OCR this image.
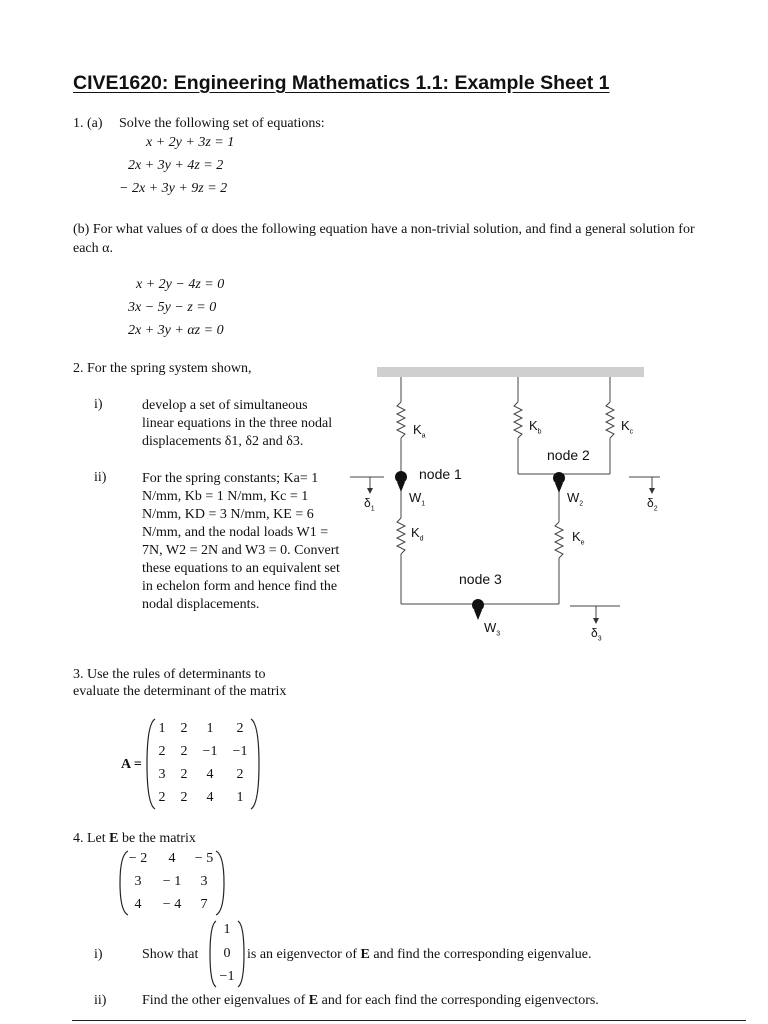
CIVE1620: Engineering Mathematics 1.1: Example Sheet 1
1. (a) Solve the following set of equations:
x + 2y + 3z = 1
2x + 3y + 4z = 2
− 2x + 3y + 9z = 2
(b) For what values of α does the following equation have a non-trivial solution, and find a general solution for each α.
x + 2y − 4z = 0
3x − 5y − z = 0
2x + 3y + αz = 0
2. For the spring system shown,
i)	develop a set of simultaneous linear equations in the three nodal displacements δ1, δ2 and δ3.
ii)	For the spring constants; Ka= 1 N/mm, Kb = 1 N/mm, Kc = 1 N/mm, KD = 3 N/mm, KE = 6 N/mm, and the nodal loads W1 = 7N, W2 = 2N and W3 = 0. Convert these equations to an equivalent set in echelon form and hence find the nodal displacements.
$K_a$
$K_b$	$K_c$
$K_d$	$K_e$
node 1
node 2
node 3
$W_1$	$W_2$
$W_3$
$\delta_1$	$\delta_2$
$\delta_3$
3. Use the rules of determinants to
evaluate the determinant of the matrix
A =
1	2	1	2
2	2	−1	−1
3	2	4	2
2	2	4	1
4. Let E be the matrix
− 2	4	− 5
3	− 1	3
4	− 4	7
i)	Show that
1
0
−1
is an eigenvector of E and find the corresponding eigenvalue.
ii)	Find the other eigenvalues of E and for each find the corresponding eigenvectors.
